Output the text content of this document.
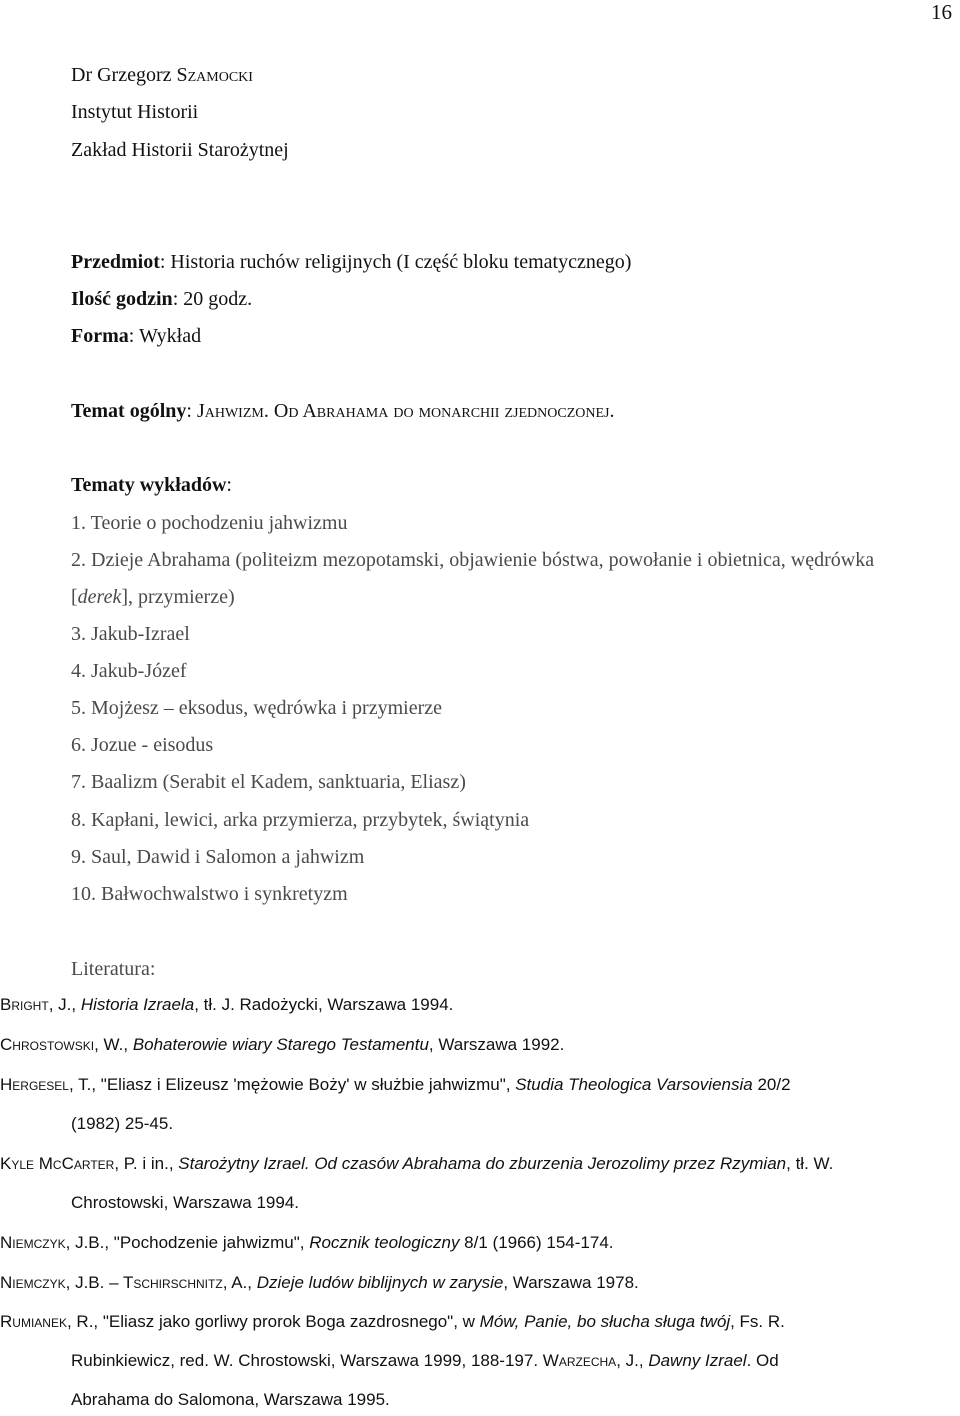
16
Dr Grzegorz Szamocki
Instytut Historii
Zakład Historii Starożytnej
Przedmiot: Historia ruchów religijnych (I część bloku tematycznego)
Ilość godzin: 20 godz.
Forma: Wykład
Temat ogólny: Jahwizm. Od Abrahama do monarchii zjednoczonej.
Tematy wykładów:
1. Teorie o pochodzeniu jahwizmu
2. Dzieje Abrahama (politeizm mezopotamski, objawienie bóstwa, powołanie i obietnica, wędrówka
[derek], przymierze)
3. Jakub-Izrael
4. Jakub-Józef
5. Mojżesz – eksodus, wędrówka i przymierze
6. Jozue - eisodus
7. Baalizm (Serabit el Kadem, sanktuaria, Eliasz)
8. Kapłani, lewici, arka przymierza, przybytek, świątynia
9. Saul, Dawid i Salomon a jahwizm
10. Bałwochwalstwo i synkretyzm
Literatura:
Bright, J., Historia Izraela, tł. J. Radożycki, Warszawa 1994.
Chrostowski, W., Bohaterowie wiary Starego Testamentu, Warszawa 1992.
Hergesel, T., "Eliasz i Elizeusz 'mężowie Boży' w służbie jahwizmu", Studia Theologica Varsoviensia 20/2
(1982) 25-45.
Kyle McCarter, P. i in., Starożytny Izrael. Od czasów Abrahama do zburzenia Jerozolimy przez Rzymian, tł. W.
Chrostowski, Warszawa 1994.
Niemczyk, J.B., "Pochodzenie jahwizmu", Rocznik teologiczny 8/1 (1966) 154-174.
Niemczyk, J.B. – Tschirschnitz, A., Dzieje ludów biblijnych w zarysie, Warszawa 1978.
Rumianek, R., "Eliasz jako gorliwy prorok Boga zazdrosnego", w Mów, Panie, bo słucha sługa twój, Fs. R.
Rubinkiewicz, red. W. Chrostowski, Warszawa 1999, 188-197. Warzecha, J., Dawny Izrael. Od
Abrahama do Salomona, Warszawa 1995.
